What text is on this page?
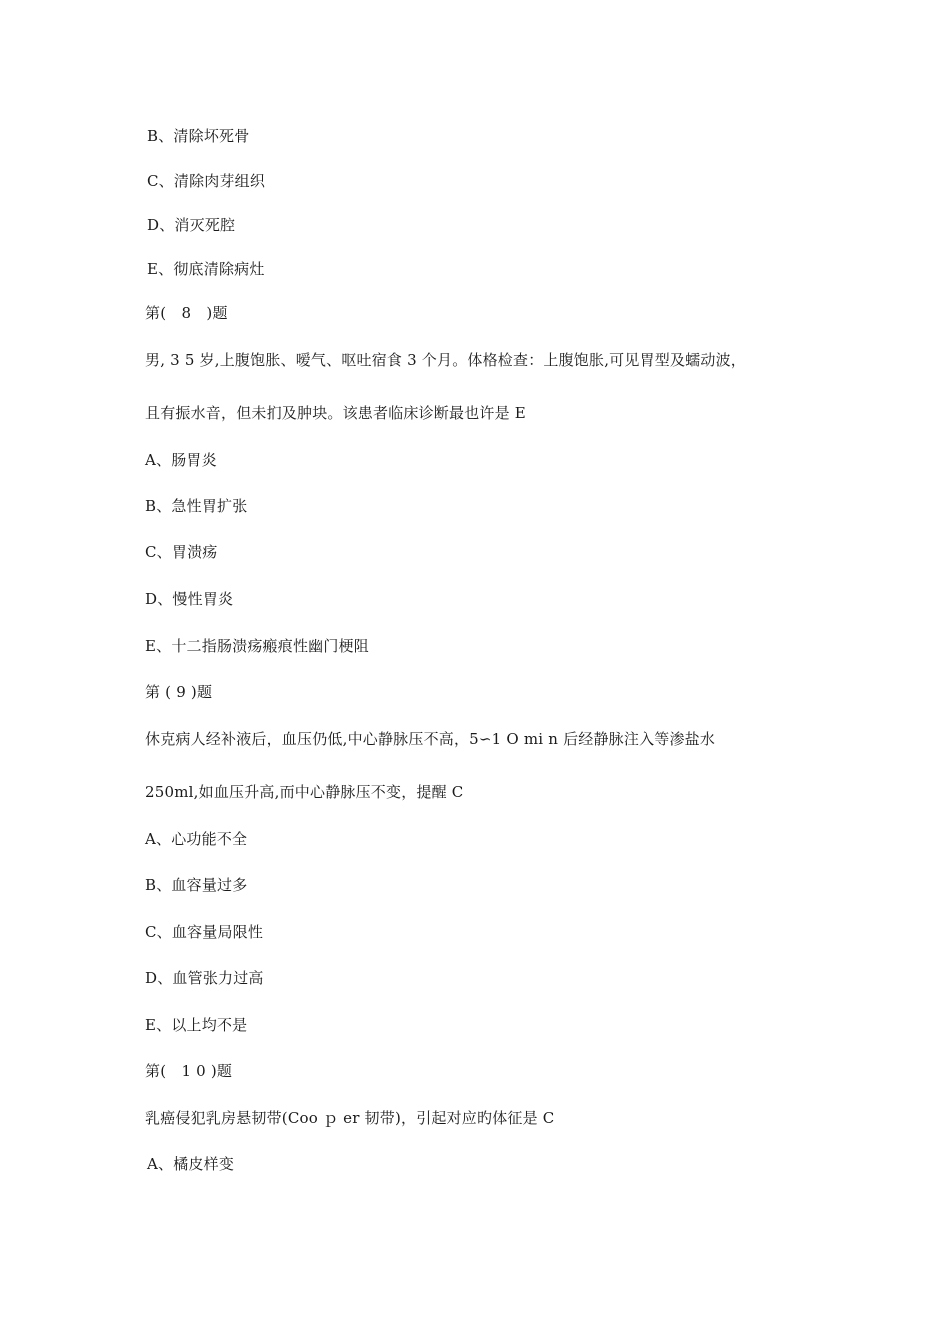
B、清除坏死骨
C、清除肉芽组织
D、消灭死腔
E、彻底清除病灶
第(　8　)题
男, 3 5 岁,上腹饱胀、嗳气、呕吐宿食 3 个月。体格检查：上腹饱胀,可见胃型及蠕动波，
且有振水音，但未扪及肿块。该患者临床诊断最也许是 E
A、肠胃炎
B、急性胃扩张
C、胃溃疡
D、慢性胃炎
E、十二指肠溃疡瘢痕性幽门梗阻
第 ( 9 )题
休克病人经补液后，血压仍低,中心静脉压不高，5∽1 O mi n 后经静脉注入等渗盐水
250ml,如血压升高,而中心静脉压不变，提醒 C
A、心功能不全
B、血容量过多
C、血容量局限性
D、血管张力过高
E、以上均不是
第(　1 0 )题
乳癌侵犯乳房悬韧带(Coo ｐ er 韧带)，引起对应旳体征是 C
A、橘皮样变
